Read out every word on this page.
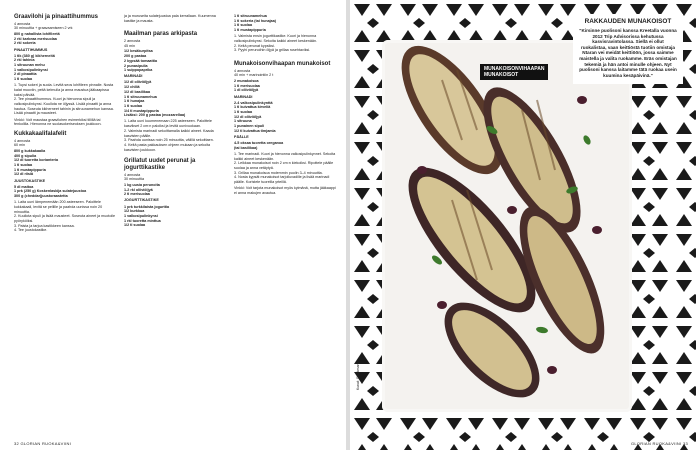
Graavilohi ja pinaattihummus

4 annosta
30 minuuttia + graavaamiseen 2 vrk

800 g nahallista lohifileetä
2 rkl karkeaa merisuolaa
2 rkl sokeria

PINAATTIHUMMUS

1 tlk (380 g) kikherneitä
2 rkl tahinia
1 sitruunan mehu
1 valkosipulinkynsi
2 dl pinaattia
1 tl suolaa

1. Tupsi sokeri ja suola. Levitä seos lohifileen pinnalle. Nosta kalat muoviin, peitä kelmulla ja anna maustua jääkaapissa kaksi päivää.
2. Tee pinaattihummus. Kuori ja hienonna sipuli ja valkosipulinkynsi. Kuullota ne öljyssä. Lisää pinaatti ja anna hautua. Soseuta kikherneet tahinin ja sitruunamehun kanssa. Lisää pinaatti ja mausteet.

Vinkki: Voit maustaa graavilohen esimerkiksi tillillä tai fenkolilla. Hienonna ne suolasokeriseoksen joukkoon.

Kukkakaalifalafelit

4 annosta
60 min

800 g kukkakaalia
400 g sipulia
1/2 dl tuoretta korianteria
1 tl suolaa
1 tl mustapippuria
1/2 dl riisiä

JUUSTOKASTIKE

5 dl maitoa
1 prk (250 g) Koskenlaskija sulatejuustoa
300 g (cheddar)juustoraastetta

1. Laita uuni lämpenemään 200 asteeseen. Paloittele kukkakaali, levitä se pellille ja paahda uunissa noin 20 minuuttia.
2. Kuullota sipuli ja lisää mausteet. Soseuta aineet ja muotoile pyöryköiksi.
3. Paista ja tarjoa kastikkeen kanssa.
4. Tee juustokastike.

ja ja muruseita sulatejuustoa pala kerrallaan. Kuumenna kastike ja mausta.

Maailman paras arkipasta

2 annosta
45 min

1/2 kesäkurpitsa
200 g pastaa
2 kypsää tomaattia
2 punasipulia
1 suippopaprika

MARINADI

1/2 dl oliiviöljyä
1/2 chiliä
1/2 dl basilikaa
1 tl sitruunamehua
1 tl hunajaa
1 tl suolaa
1/4 tl mustapippuria
Lisäksi: 200 g pastaa (mozzarellaa)

1. Laita uuni kuumenemaan 225 asteeseen. Paloittele kasvikset 2 cm:n paloiksi ja levitä uunivuokaan.
2. Valmista marinadi sekoittamalla kaikki aineet. Kaada kasvisten päälle.
3. Paahda uunissa noin 25 minuuttia, välillä sekoittaen.
4. Keitä pasta pakkauksen ohjeen mukaan ja sekoita kasvisten joukkoon.

Grillatut uudet perunat ja jogurttikastike

4 annosta
30 minuuttia

1 kg uusia perunoita
1-2 rkl oliiviöljyä
2 tl merisuolaa

JOGURTTIKASTIKE

1 prk turkkilaista jogurttia
1/2 kurkkua
1 valkosipulinkynsi
1 rkl tuoretta minttua
1/2 tl suolaa

1 tl sitruunamehua
1 tl sokeria (tai hunajaa)
1 tl suolaa
1 tl mustapippuria

1. Valmista ensin jogurttikastike. Kuori ja hienonna valkosipulinkynsi. Sekoita kaikki aineet keskenään.
2. Keitä perunat kypsiksi.
3. Pyyhi perunoihin öljyä ja grillaa rusehtaviksi.

Munakoisonvihaapan munakoisot

4 annosta
40 min + marinointiin 2 t

2 munakoisoa
1 tl merisuolaa
1 dl oliiviöljyä

MARINADI

2-4 valkosipulinkynttä
1 tl kuivattua kirveliä
1 tl suolaa
1/2 dl oliiviöljyä
1 sitruuna
1 punainen sipuli
1/2 tl kuivattua timjamia

PÄÄLLE

4-5 oksaa tuoretta oreganoa
(tai basilikaa)

1. Tee marinadi. Kuori ja hienonna valkosipulinkynnet. Sekoita kaikki aineet keskenään.
2. Leikkaa munakoisot noin 2 cm:n kiekoiksi. Ripottele päälle suolaa ja anna vetäytyä.
3. Grillaa munakoisoa molemmin puolin 3–4 minuuttia.
4. Nosta kypsät munakoisot tarjoiluvadille ja lisää marinadi päälle. Koristele tuoreilla yrteillä.

Vinkki: Voit tarjota munakoisot myös kylmänä, mutta jääkaappi ei anna makujen avautua.

32 GLORIAN RUOKA&VIINI
MUNAKOISONVIHAAPAN
MUNAKOISOT
RAKKAUDEN MUNAKOISOT

"Kirsinne puolisoni kanssa Kreetalla vuonna 2012 Trip Advisorissa kehutussa kasvisravintolassa. Siellä ei ollut ruokalistaa, vaan keittiöstä tuotiin omistaja Ntaran vei meidät keittiöön, jossa saimme maistella ja valita ruokamme. Eräs omistajan tekemiä ja hän antoi minulle ohjeen. Nyt puolisoni kanssa laitamme tätä ruokaa usein kuumina kesäpäivinä."

Kuvat: Stockmann
GLORIAN RUOKA&VIINI 33
